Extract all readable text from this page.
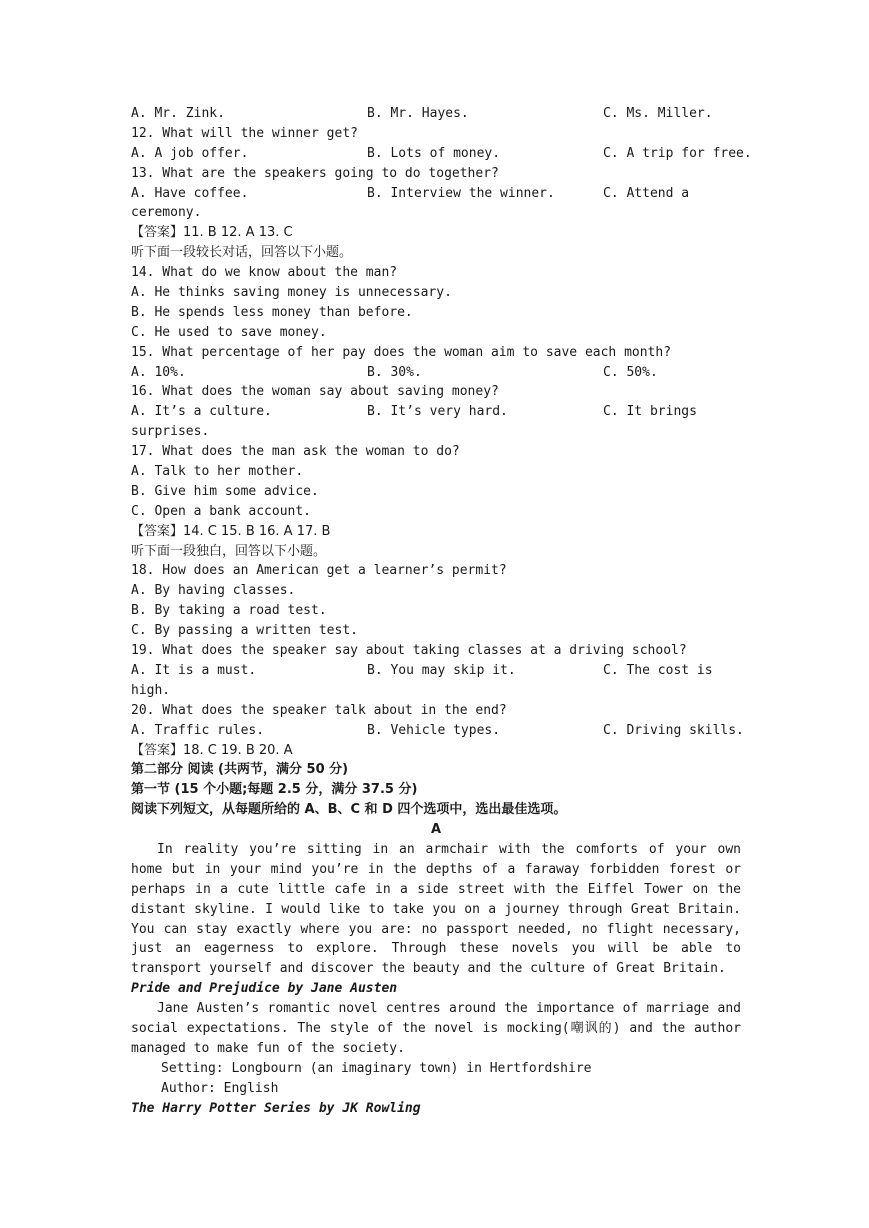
A. Mr. Zink.	B. Mr. Hayes.	C. Ms. Miller.
12. What will the winner get?
A. A job offer.	B. Lots of money.	C. A trip for free.
13. What are the speakers going to do together?
A. Have coffee.	B. Interview the winner.	C. Attend a
ceremony.
【答案】11. B 12. A 13. C
听下面一段较长对话，回答以下小题。
14. What do we know about the man?
A. He thinks saving money is unnecessary.
B. He spends less money than before.
C. He used to save money.
15. What percentage of her pay does the woman aim to save each month?
A. 10%.	B. 30%.	C. 50%.
16. What does the woman say about saving money?
A. It’s a culture.	B. It’s very hard.	C. It brings
surprises.
17. What does the man ask the woman to do?
A. Talk to her mother.
B. Give him some advice.
C. Open a bank account.
【答案】14. C 15. B 16. A 17. B
听下面一段独白，回答以下小题。
18. How does an American get a learner’s permit?
A. By having classes.
B. By taking a road test.
C. By passing a written test.
19. What does the speaker say about taking classes at a driving school?
A. It is a must.	B. You may skip it.	C. The cost is
high.
20. What does the speaker talk about in the end?
A. Traffic rules.	B. Vehicle types.	C. Driving skills.
【答案】18. C 19. B 20. A
第二部分 阅读 (共两节，满分 50 分)
第一节 (15 个小题;每题 2.5 分，满分 37.5 分)
阅读下列短文，从每题所给的 A、B、C 和 D 四个选项中，选出最佳选项。
A
In reality you’re sitting in an armchair with the comforts of your own home but in your mind you’re in the depths of a faraway forbidden forest or perhaps in a cute little cafe in a side street with the Eiffel Tower on the distant skyline. I would like to take you on a journey through Great Britain. You can stay exactly where you are: no passport needed, no flight necessary, just an eagerness to explore. Through these novels you will be able to transport yourself and discover the beauty and the culture of Great Britain.
Pride and Prejudice by Jane Austen
Jane Austen’s romantic novel centres around the importance of marriage and social expectations. The style of the novel is mocking(嘲讽的) and the author managed to make fun of the society.
Setting: Longbourn (an imaginary town) in Hertfordshire
Author: English
The Harry Potter Series by JK Rowling
